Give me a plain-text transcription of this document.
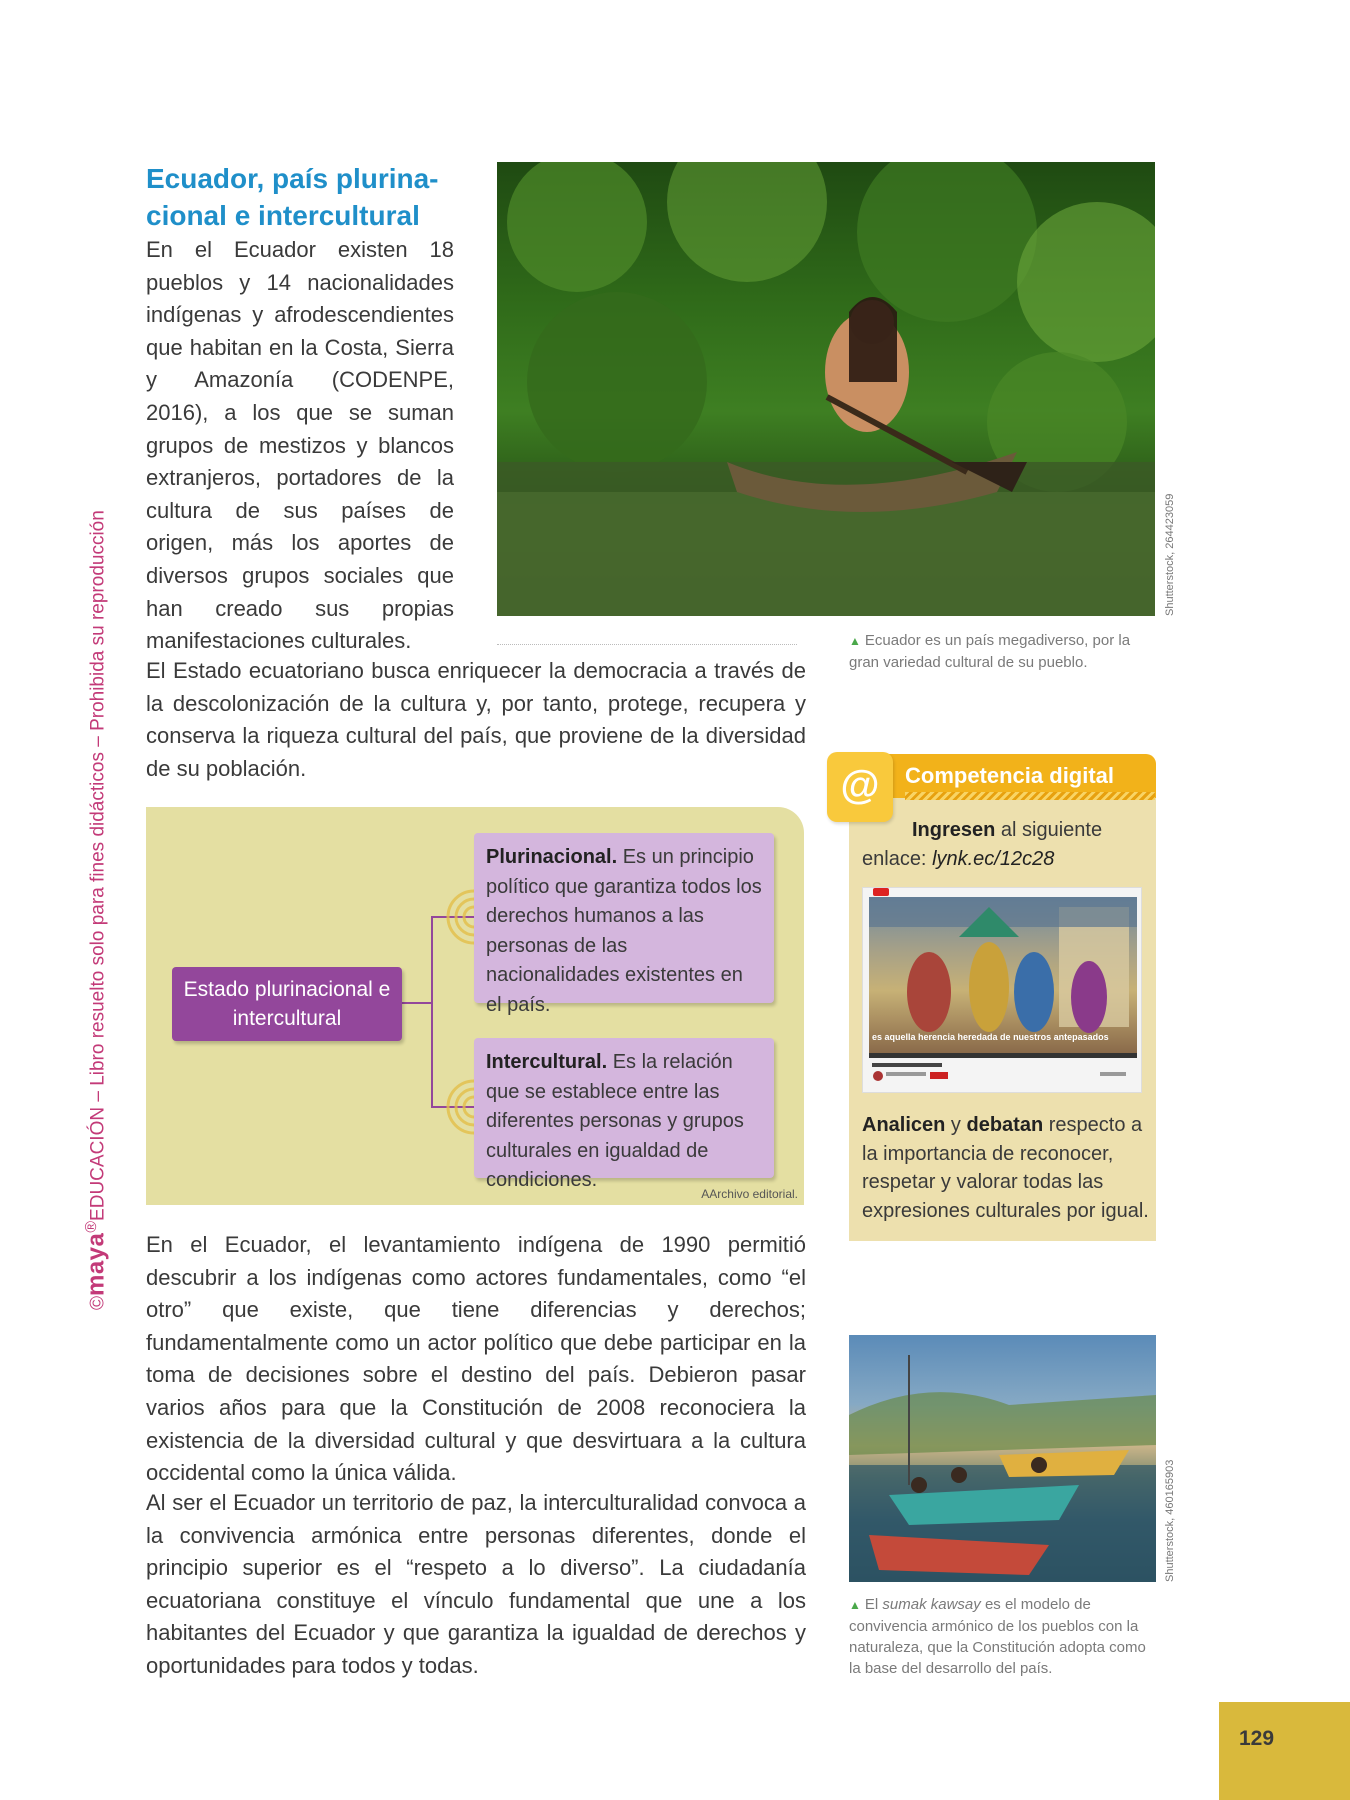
©maya®EDUCACIÓN – Libro resuelto solo para fines didácticos – Prohibida su reproducción
Ecuador, país plurina-
cional e intercultural

En el Ecuador existen 18 pueblos y 14 nacionalidades indígenas y afrodescendientes que habitan en la Costa, Sierra y Amazonía (CODENPE, 2016), a los que se suman grupos de mestizos y blancos extranjeros, portadores de la cultura de sus países de origen, más los aportes de diversos grupos sociales que han creado sus propias manifestaciones culturales.

Shutterstock, 264423059

▲ Ecuador es un país megadiverso, por la gran variedad cultural de su pueblo.

El Estado ecuatoriano busca enriquecer la democracia a través de la descolonización de la cultura y, por tanto, protege, recupera y conserva la riqueza cultural del país, que proviene de la diversidad de su población.

Estado plurinacional e intercultural
Plurinacional. Es un principio político que garantiza todos los derechos humanos a las personas de las nacionalidades existentes en el país.
Intercultural. Es la relación que se establece entre las diferentes personas y grupos culturales en igualdad de condiciones.
AArchivo editorial.

En el Ecuador, el levantamiento indígena de 1990 permitió descubrir a los indígenas como actores fundamentales, como “el otro” que existe, que tiene diferencias y derechos; fundamentalmente como un actor político que debe participar en la toma de decisiones sobre el destino del país. Debieron pasar varios años para que la Constitución de 2008 reconociera la existencia de la diversidad cultural y que desvirtuara a la cultura occidental como la única válida.

Al ser el Ecuador un territorio de paz, la interculturalidad convoca a la convivencia armónica entre personas diferentes, donde el principio superior es el “respeto a lo diverso”. La ciudadanía ecuatoriana constituye el vínculo fundamental que une a los habitantes del Ecuador y que garantiza la igualdad de derechos y oportunidades para todos y todas.

Competencia digital
@

Ingresen al siguiente enlace: lynk.ec/12c28

es aquella herencia heredada de nuestros antepasados

Analicen y debatan respecto a la importancia de reconocer, respetar y valorar todas las expresiones culturales por igual.

Shutterstock, 460165903

▲ El sumak kawsay es el modelo de convivencia armónico de los pueblos con la naturaleza, que la Constitución adopta como la base del desarrollo del país.

129
